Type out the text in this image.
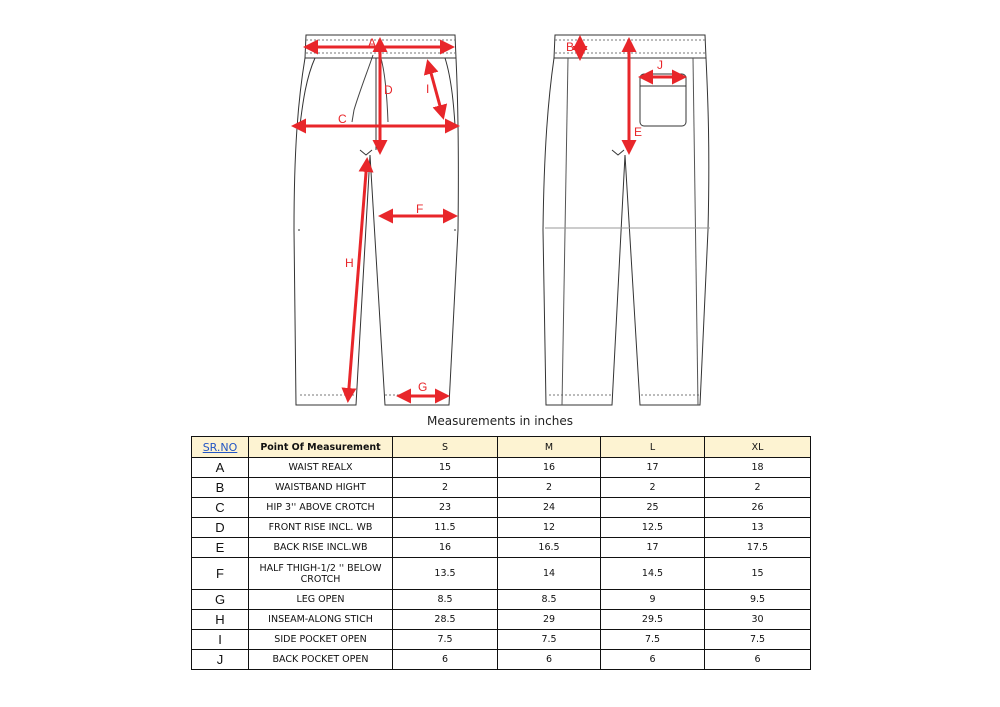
A	B
C
D
E
F
G
H
I
J
Measurements in inches
SR.NO	Point Of Measurement	S	M	L	XL
A	WAIST REALX	15	16	17	18
B	WAISTBAND HIGHT	2	2	2	2
C	HIP 3'' ABOVE CROTCH	23	24	25	26
D	FRONT RISE INCL. WB	11.5	12	12.5	13
E	BACK RISE INCL.WB	16	16.5	17	17.5
F	HALF THIGH-1/2 '' BELOW CROTCH	13.5	14	14.5	15
G	LEG OPEN	8.5	8.5	9	9.5
H	INSEAM-ALONG STICH	28.5	29	29.5	30
I	SIDE POCKET OPEN	7.5	7.5	7.5	7.5
J	BACK POCKET OPEN	6	6	6	6
